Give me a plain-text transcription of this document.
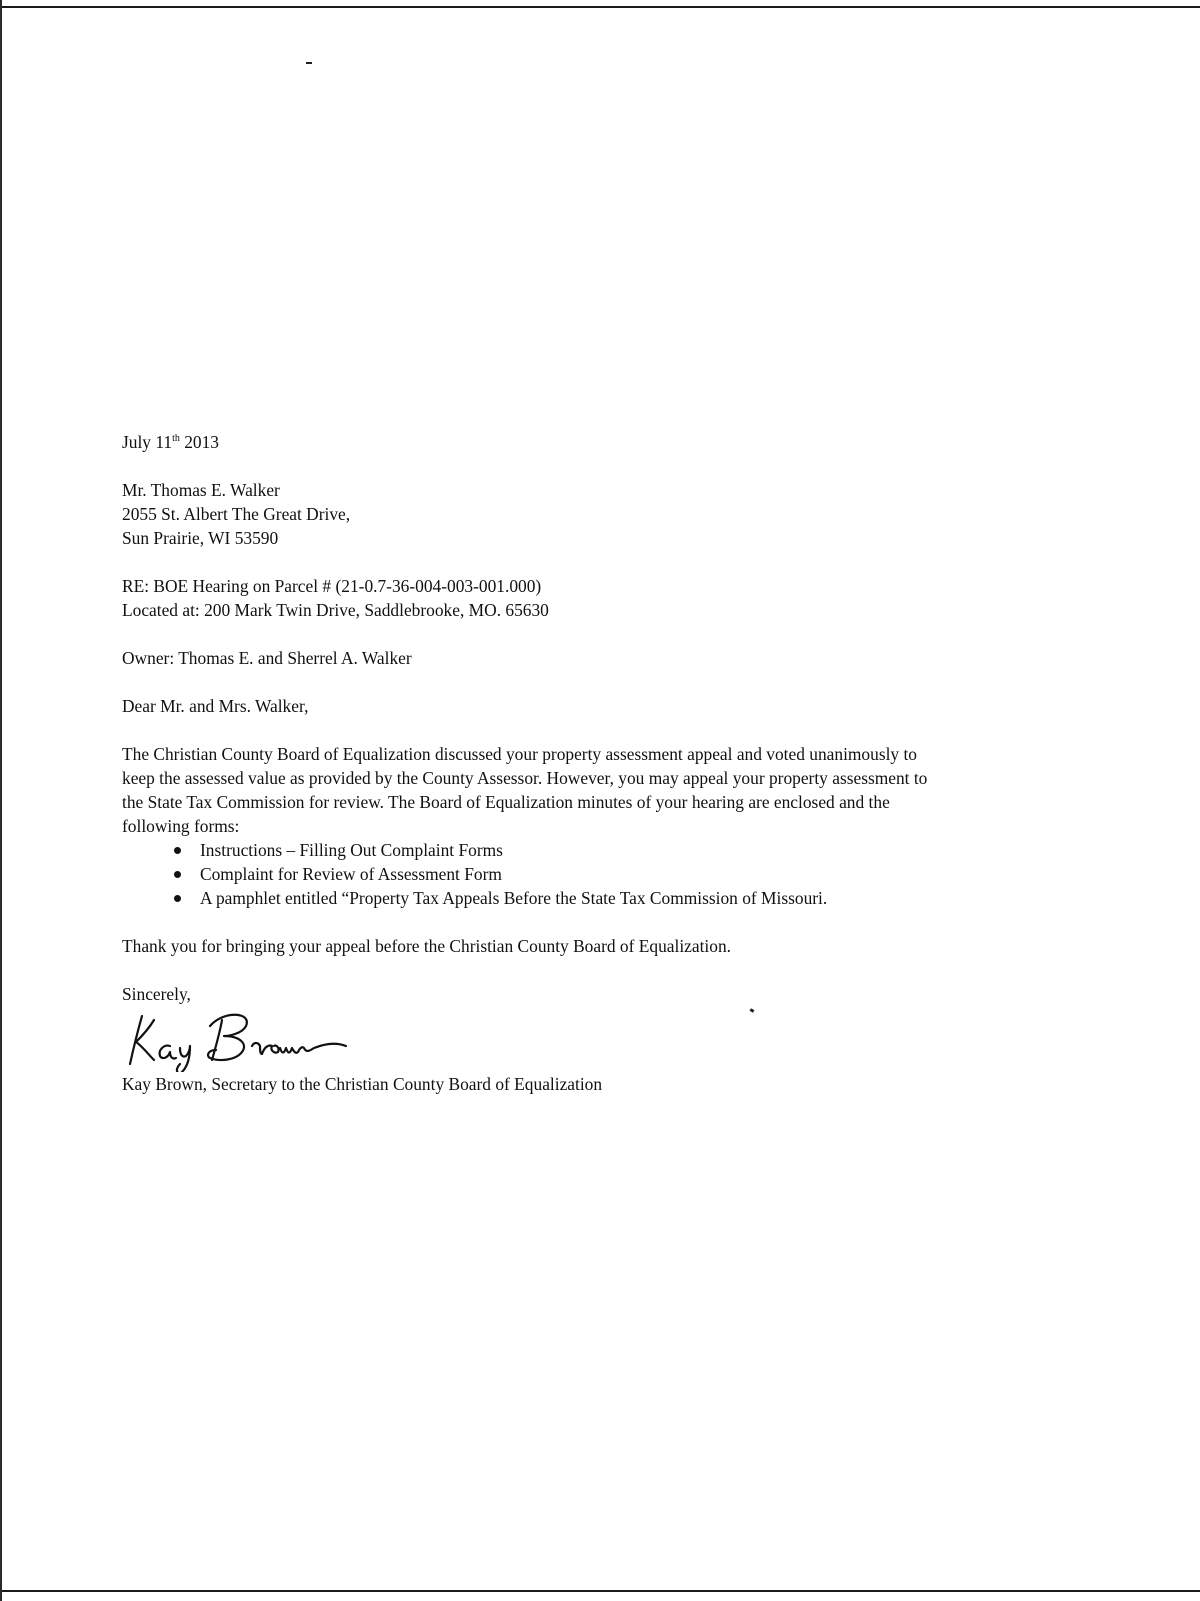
July 11th 2013
Mr. Thomas E. Walker
2055 St. Albert The Great Drive,
Sun Prairie, WI 53590
RE: BOE Hearing on Parcel # (21-0.7-36-004-003-001.000)
Located at: 200 Mark Twin Drive, Saddlebrooke, MO. 65630
Owner: Thomas E. and Sherrel A. Walker
Dear Mr. and Mrs. Walker,
The Christian County Board of Equalization discussed your property assessment appeal and voted unanimously to
keep the assessed value as provided by the County Assessor. However, you may appeal your property assessment to
the State Tax Commission for review. The Board of Equalization minutes of your hearing are enclosed and the
following forms:
Instructions – Filling Out Complaint Forms
Complaint for Review of Assessment Form
A pamphlet entitled “Property Tax Appeals Before the State Tax Commission of Missouri.
Thank you for bringing your appeal before the Christian County Board of Equalization.
Sincerely,
Kay Brown, Secretary to the Christian County Board of Equalization
